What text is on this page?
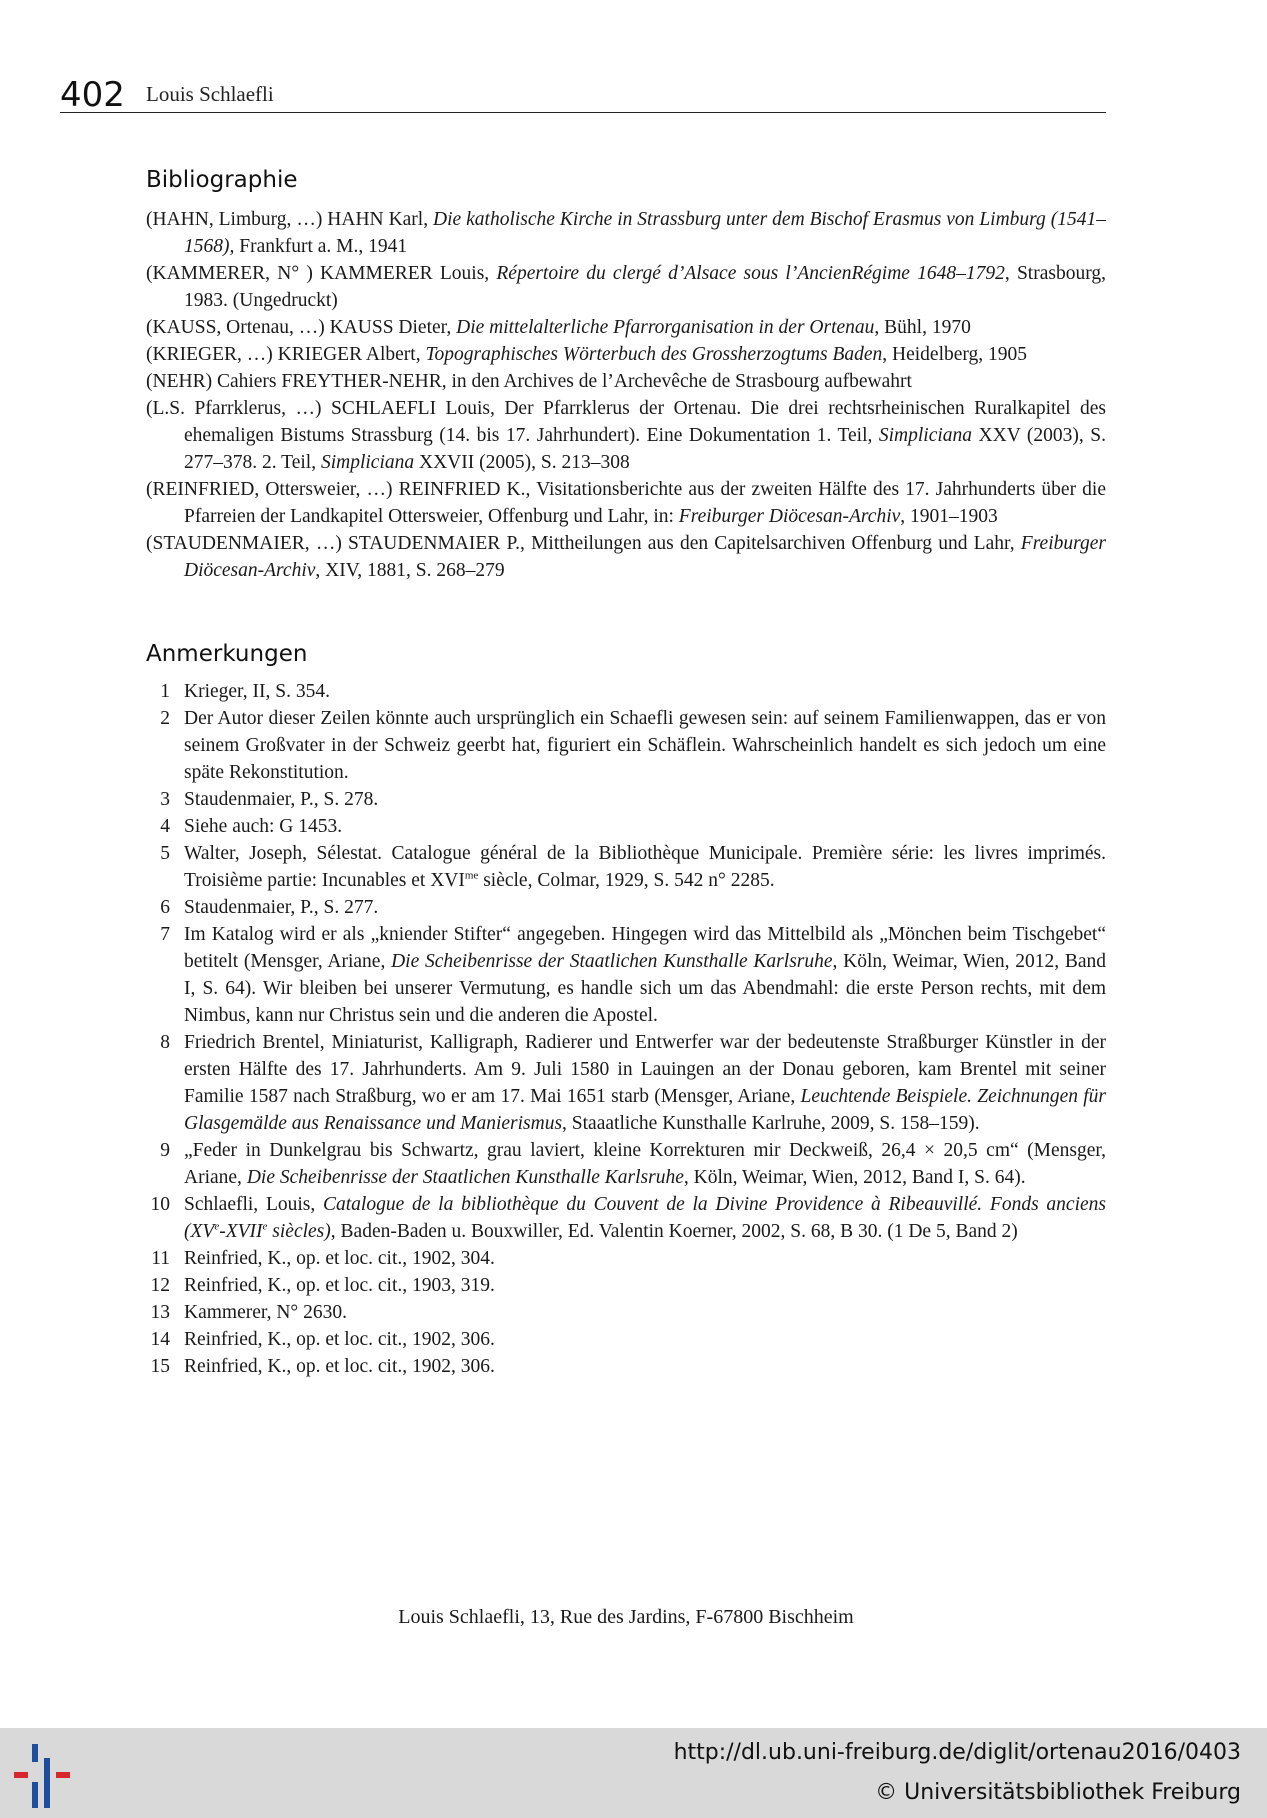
402 Louis Schlaefli
Bibliographie
(HAHN, Limburg, …) HAHN Karl, Die katholische Kirche in Strassburg unter dem Bischof Erasmus von Limburg (1541–1568), Frankfurt a. M., 1941
(KAMMERER, N° ) KAMMERER Louis, Répertoire du clergé d’Alsace sous l’AncienRégime 1648–1792, Strasbourg, 1983. (Ungedruckt)
(KAUSS, Ortenau, …) KAUSS Dieter, Die mittelalterliche Pfarrorganisation in der Ortenau, Bühl, 1970
(KRIEGER, …) KRIEGER Albert, Topographisches Wörterbuch des Grossherzogtums Baden, Heidelberg, 1905
(NEHR) Cahiers FREYTHER-NEHR, in den Archives de l’Archevêche de Strasbourg aufbewahrt
(L.S. Pfarrklerus, …) SCHLAEFLI Louis, Der Pfarrklerus der Ortenau. Die drei rechtsrheinischen Ruralkapitel des ehemaligen Bistums Strassburg (14. bis 17. Jahrhundert). Eine Dokumentation 1. Teil, Simpliciana XXV (2003), S. 277–378. 2. Teil, Simpliciana XXVII (2005), S. 213–308
(REINFRIED, Ottersweier, …) REINFRIED K., Visitationsberichte aus der zweiten Hälfte des 17. Jahrhunderts über die Pfarreien der Landkapitel Ottersweier, Offenburg und Lahr, in: Freiburger Diöcesan-Archiv, 1901–1903
(STAUDENMAIER, …) STAUDENMAIER P., Mittheilungen aus den Capitelsarchiven Offenburg und Lahr, Freiburger Diöcesan-Archiv, XIV, 1881, S. 268–279
Anmerkungen
1 Krieger, II, S. 354.
2 Der Autor dieser Zeilen könnte auch ursprünglich ein Schaefli gewesen sein: auf seinem Familienwappen, das er von seinem Großvater in der Schweiz geerbt hat, figuriert ein Schäflein. Wahrscheinlich handelt es sich jedoch um eine späte Rekonstitution.
3 Staudenmaier, P., S. 278.
4 Siehe auch: G 1453.
5 Walter, Joseph, Sélestat. Catalogue général de la Bibliothèque Municipale. Première série: les livres imprimés. Troisième partie: Incunables et $XVI^{me}$ siècle, Colmar, 1929, S. 542 n° 2285.
6 Staudenmaier, P., S. 277.
7 Im Katalog wird er als „kniender Stifter“ angegeben. Hingegen wird das Mittelbild als „Mönchen beim Tischgebet“ betitelt (Mensger, Ariane, Die Scheibenrisse der Staatlichen Kunsthalle Karlsruhe, Köln, Weimar, Wien, 2012, Band I, S. 64). Wir bleiben bei unserer Vermutung, es handle sich um das Abendmahl: die erste Person rechts, mit dem Nimbus, kann nur Christus sein und die anderen die Apostel.
8 Friedrich Brentel, Miniaturist, Kalligraph, Radierer und Entwerfer war der bedeutenste Straßburger Künstler in der ersten Hälfte des 17. Jahrhunderts. Am 9. Juli 1580 in Lauingen an der Donau geboren, kam Brentel mit seiner Familie 1587 nach Straßburg, wo er am 17. Mai 1651 starb (Mensger, Ariane, Leuchtende Beispiele. Zeichnungen für Glasgemälde aus Renaissance und Manierismus, Staaatliche Kunsthalle Karlruhe, 2009, S. 158–159).
9 „Feder in Dunkelgrau bis Schwartz, grau laviert, kleine Korrekturen mir Deckweiß, 26,4 × 20,5 cm“ (Mensger, Ariane, Die Scheibenrisse der Staatlichen Kunsthalle Karlsruhe, Köln, Weimar, Wien, 2012, Band I, S. 64).
10 Schlaefli, Louis, Catalogue de la bibliothèque du Couvent de la Divine Providence à Ribeauvillé. Fonds anciens (XVe-XVIIe siècles), Baden-Baden u. Bouxwiller, Ed. Valentin Koerner, 2002, S. 68, B 30. (1 De 5, Band 2)
11 Reinfried, K., op. et loc. cit., 1902, 304.
12 Reinfried, K., op. et loc. cit., 1903, 319.
13 Kammerer, N° 2630.
14 Reinfried, K., op. et loc. cit., 1902, 306.
15 Reinfried, K., op. et loc. cit., 1902, 306.
Louis Schlaefli, 13, Rue des Jardins, F-67800 Bischheim
http://dl.ub.uni-freiburg.de/diglit/ortenau2016/0403
© Universitätsbibliothek Freiburg
